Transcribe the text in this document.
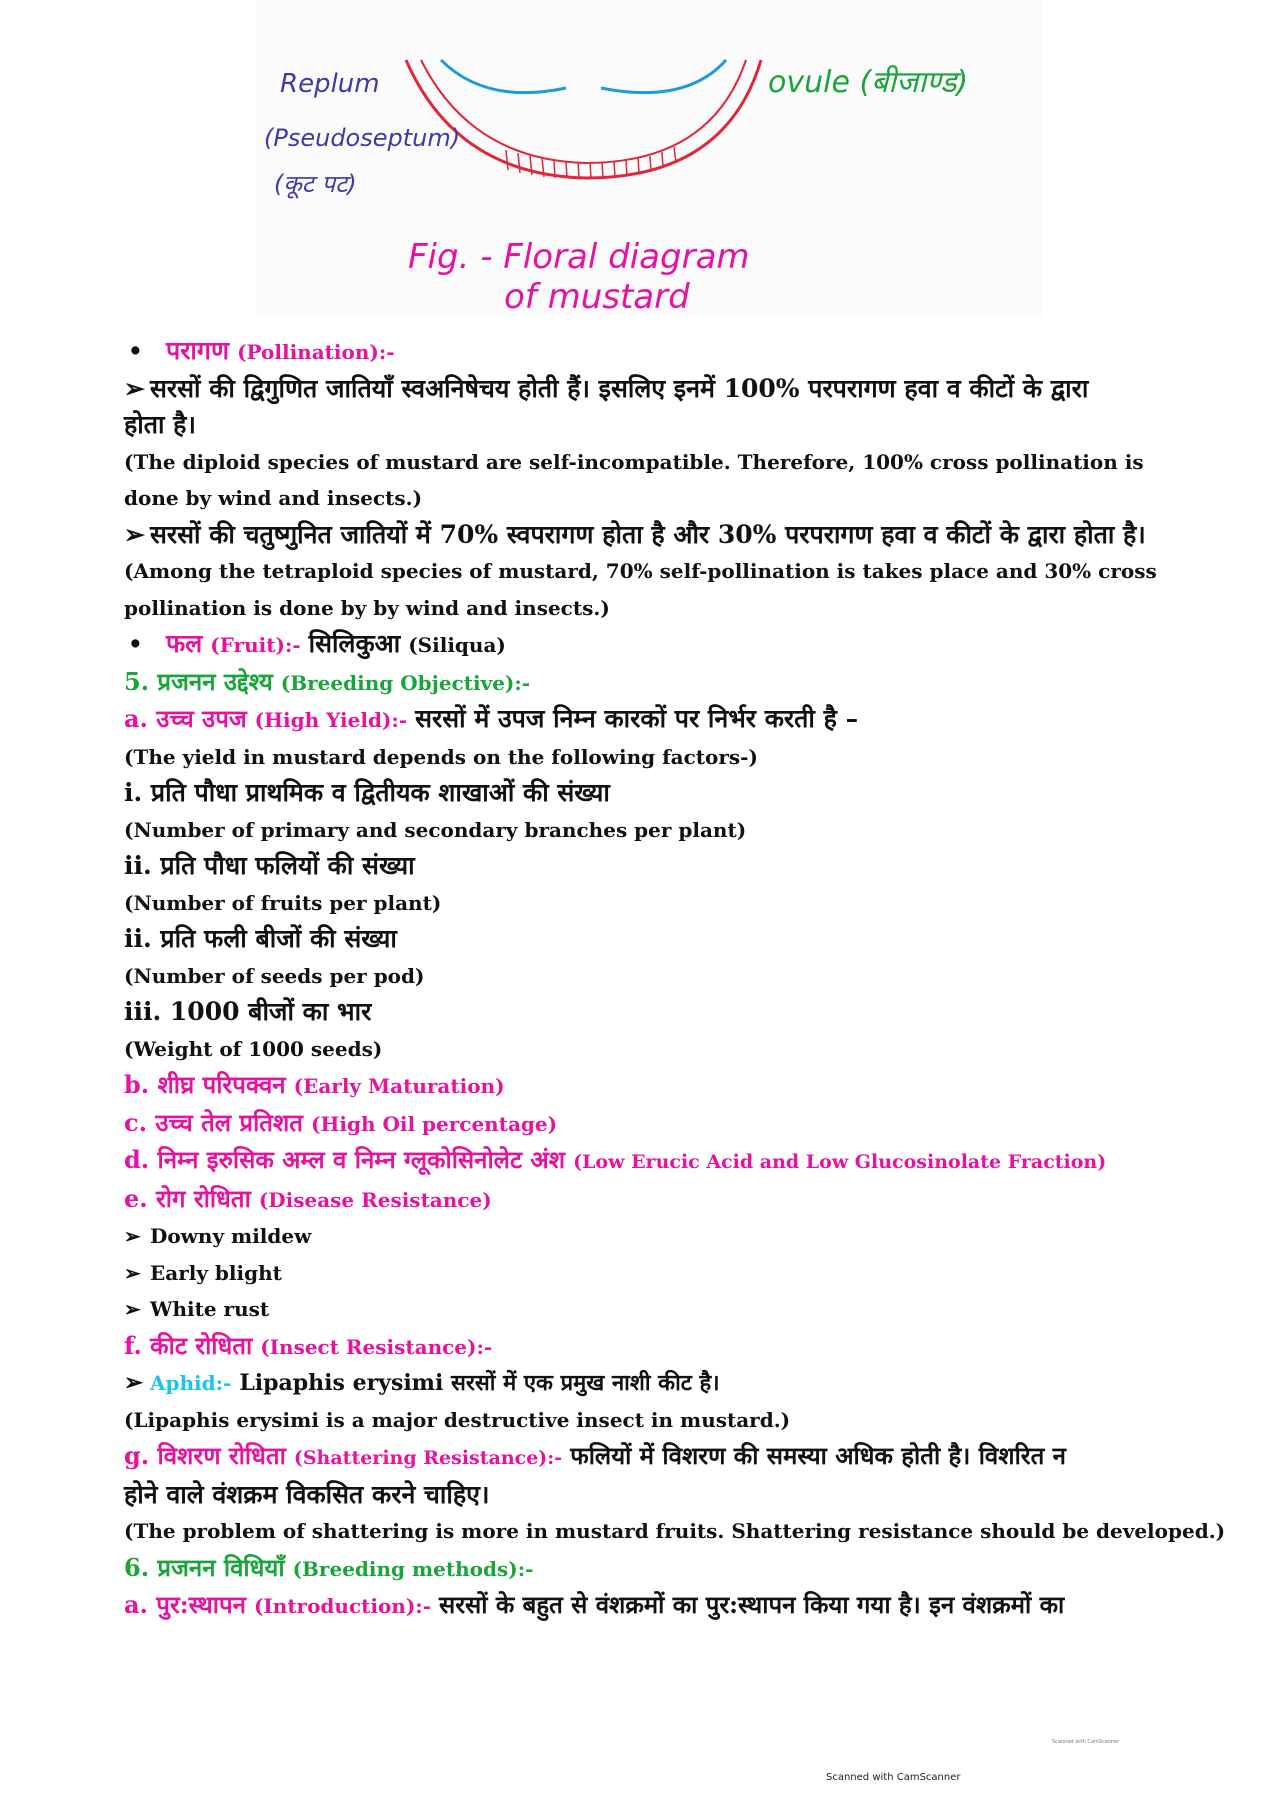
Replum
(Pseudoseptum)
(कूट पट)
ovule (बीजाण्ड)
Fig. - Floral diagram
of mustard
• परागण (Pollination):-
➢ सरसों की द्विगुणित जातियाँ स्वअनिषेचय होती हैं। इसलिए इनमें 100% परपरागण हवा व कीटों के द्वारा
होता है।
(The diploid species of mustard are self-incompatible. Therefore, 100% cross pollination is done by wind and insects.)
➢ सरसों की चतुष्गुनित जातियों में 70% स्वपरागण होता है और 30% परपरागण हवा व कीटों के द्वारा होता है।
(Among the tetraploid species of mustard, 70% self-pollination is takes place and 30% cross pollination is done by by wind and insects.)
• फल (Fruit):- सिलिकुआ (Siliqua)
5. प्रजनन उद्देश्य (Breeding Objective):-
a. उच्च उपज (High Yield):- सरसों में उपज निम्न कारकों पर निर्भर करती है –
(The yield in mustard depends on the following factors-)
i. प्रति पौधा प्राथमिक व द्वितीयक शाखाओं की संख्या
(Number of primary and secondary branches per plant)
ii. प्रति पौधा फलियों की संख्या
(Number of fruits per plant)
ii. प्रति फली बीजों की संख्या
(Number of seeds per pod)
iii. 1000 बीजों का भार
(Weight of 1000 seeds)
b. शीघ्र परिपक्वन (Early Maturation)
c. उच्च तेल प्रतिशत (High Oil percentage)
d. निम्न इरुसिक अम्ल व निम्न ग्लूकोसिनोलेट अंश (Low Erucic Acid and Low Glucosinolate Fraction)
e. रोग रोधिता (Disease Resistance)
➢ Downy mildew
➢ Early blight
➢ White rust
f. कीट रोधिता (Insect Resistance):-
➢ Aphid:- Lipaphis erysimi सरसों में एक प्रमुख नाशी कीट है।
(Lipaphis erysimi is a major destructive insect in mustard.)
g. विशरण रोधिता (Shattering Resistance):- फलियों में विशरण की समस्या अधिक होती है। विशरित न
होने वाले वंशक्रम विकसित करने चाहिए।
(The problem of shattering is more in mustard fruits. Shattering resistance should be developed.)
6. प्रजनन विधियाँ (Breeding methods):-
a. पुर:स्थापन (Introduction):- सरसों के बहुत से वंशक्रमों का पुर:स्थापन किया गया है। इन वंशक्रमों का
Scanned with CamScanner
Scanned with CamScanner
